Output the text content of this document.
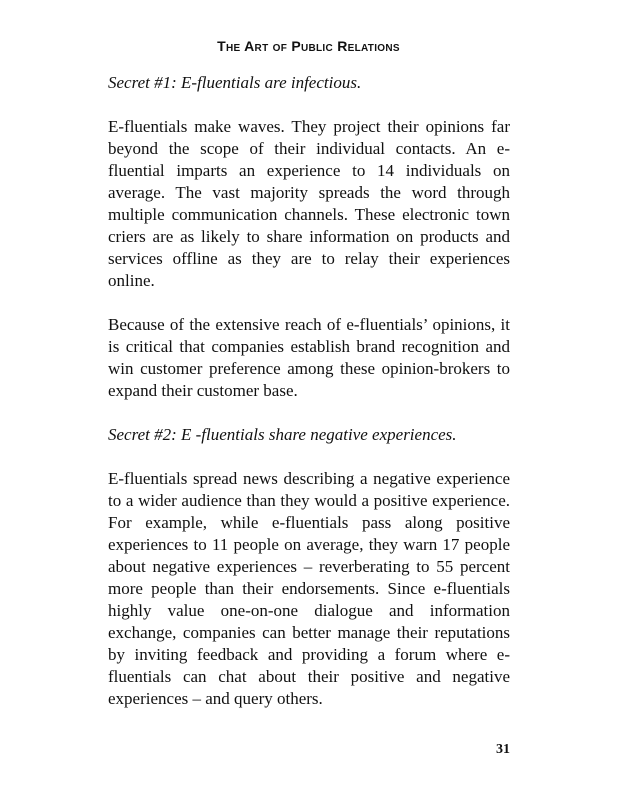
The Art of Public Relations

Secret #1: E-fluentials are infectious.

E-fluentials make waves. They project their opinions far beyond the scope of their individual contacts. An e-fluential imparts an experience to 14 individuals on average. The vast majority spreads the word through multiple communication channels. These electronic town criers are as likely to share information on products and services offline as they are to relay their experiences online.

Because of the extensive reach of e-fluentials’ opinions, it is critical that companies establish brand recognition and win customer preference among these opinion-brokers to expand their customer base.

Secret #2: E -fluentials share negative experiences.

E-fluentials spread news describing a negative experience to a wider audience than they would a positive experience. For example, while e-fluentials pass along positive experiences to 11 people on average, they warn 17 people about negative experiences – reverberating to 55 percent more people than their endorsements. Since e-fluentials highly value one-on-one dialogue and information exchange, companies can better manage their reputations by inviting feedback and providing a forum where e-fluentials can chat about their positive and negative experiences – and query others.

31
